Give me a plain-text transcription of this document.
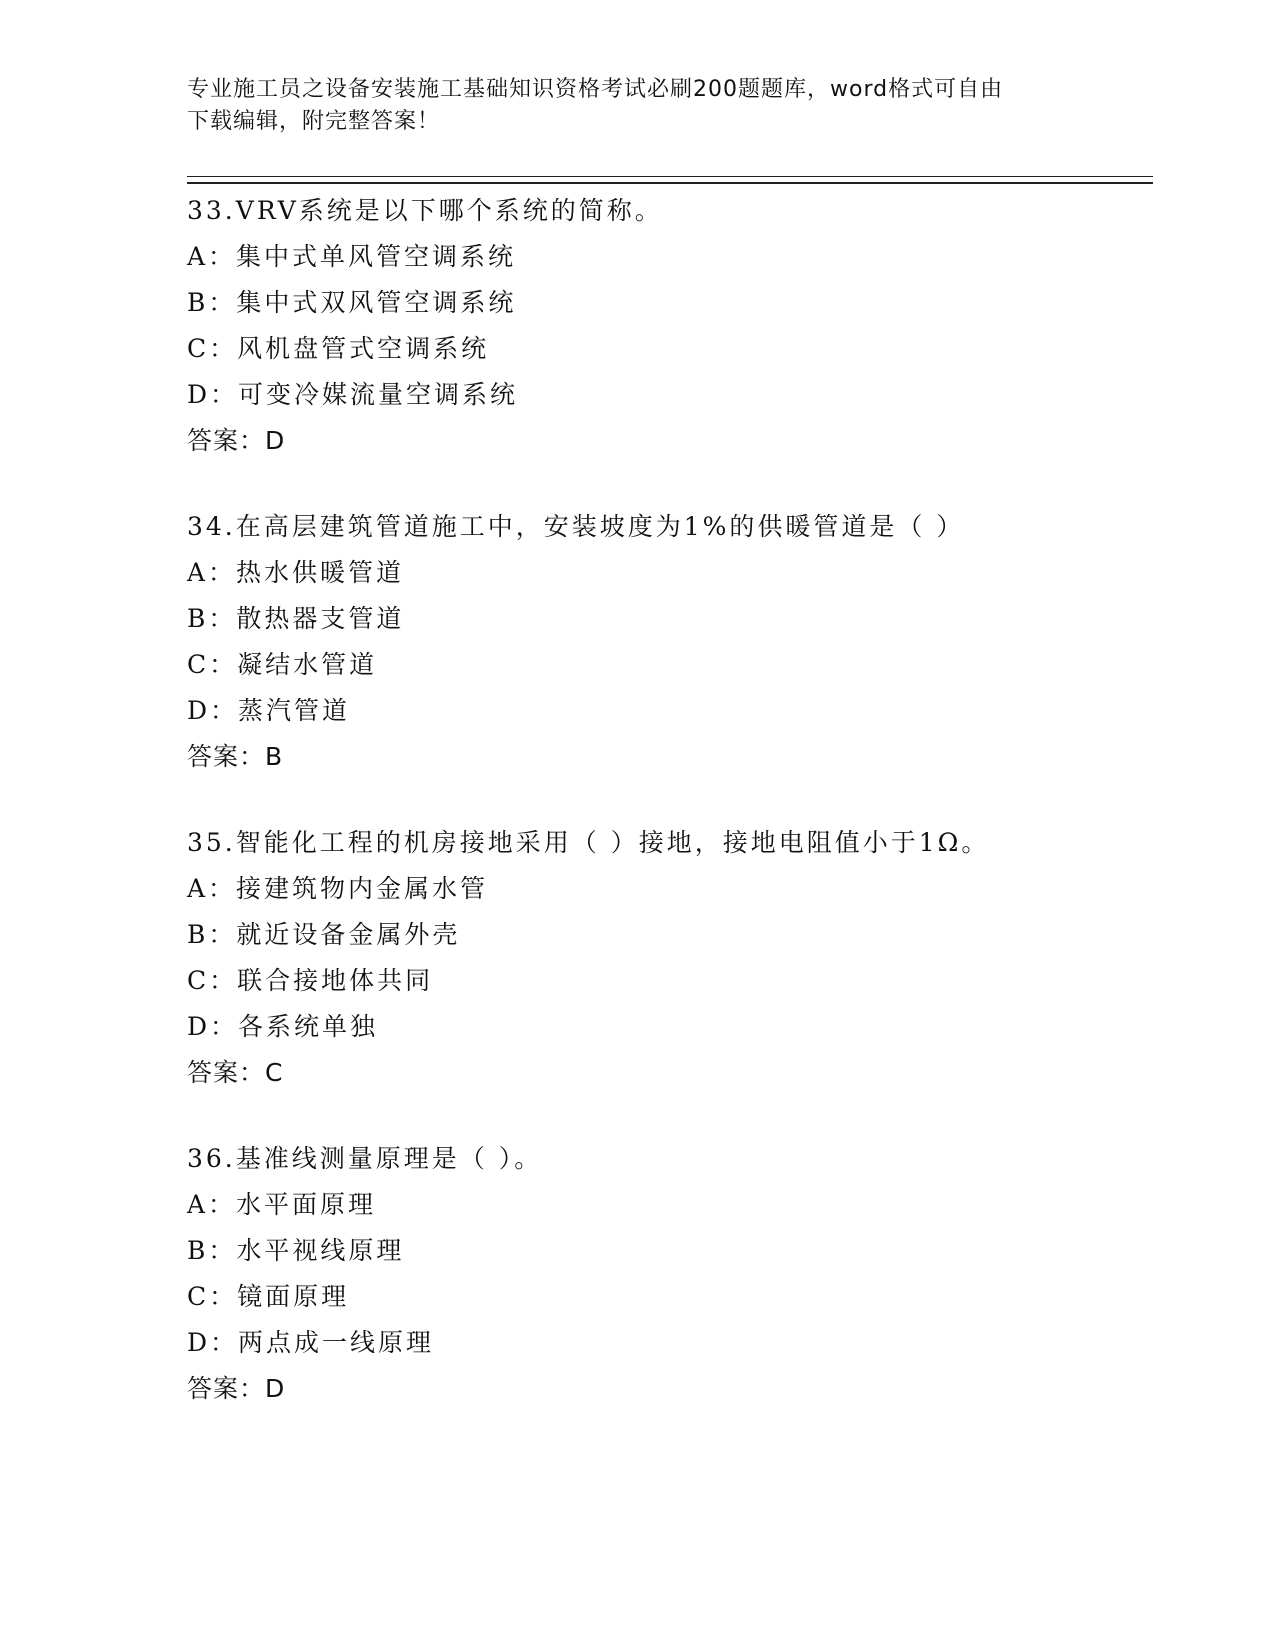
专业施工员之设备安装施工基础知识资格考试必刷200题题库，word格式可自由
下载编辑，附完整答案！
33.VRV系统是以下哪个系统的简称。
A：集中式单风管空调系统
B：集中式双风管空调系统
C：风机盘管式空调系统
D：可变冷媒流量空调系统
答案：D
34.在高层建筑管道施工中，安装坡度为1%的供暖管道是（ ）
A：热水供暖管道
B：散热器支管道
C：凝结水管道
D：蒸汽管道
答案：B
35.智能化工程的机房接地采用（ ）接地，接地电阻值小于1Ω。
A：接建筑物内金属水管
B：就近设备金属外壳
C：联合接地体共同
D：各系统单独
答案：C
36.基准线测量原理是（ ）。
A：水平面原理
B：水平视线原理
C：镜面原理
D：两点成一线原理
答案：D
